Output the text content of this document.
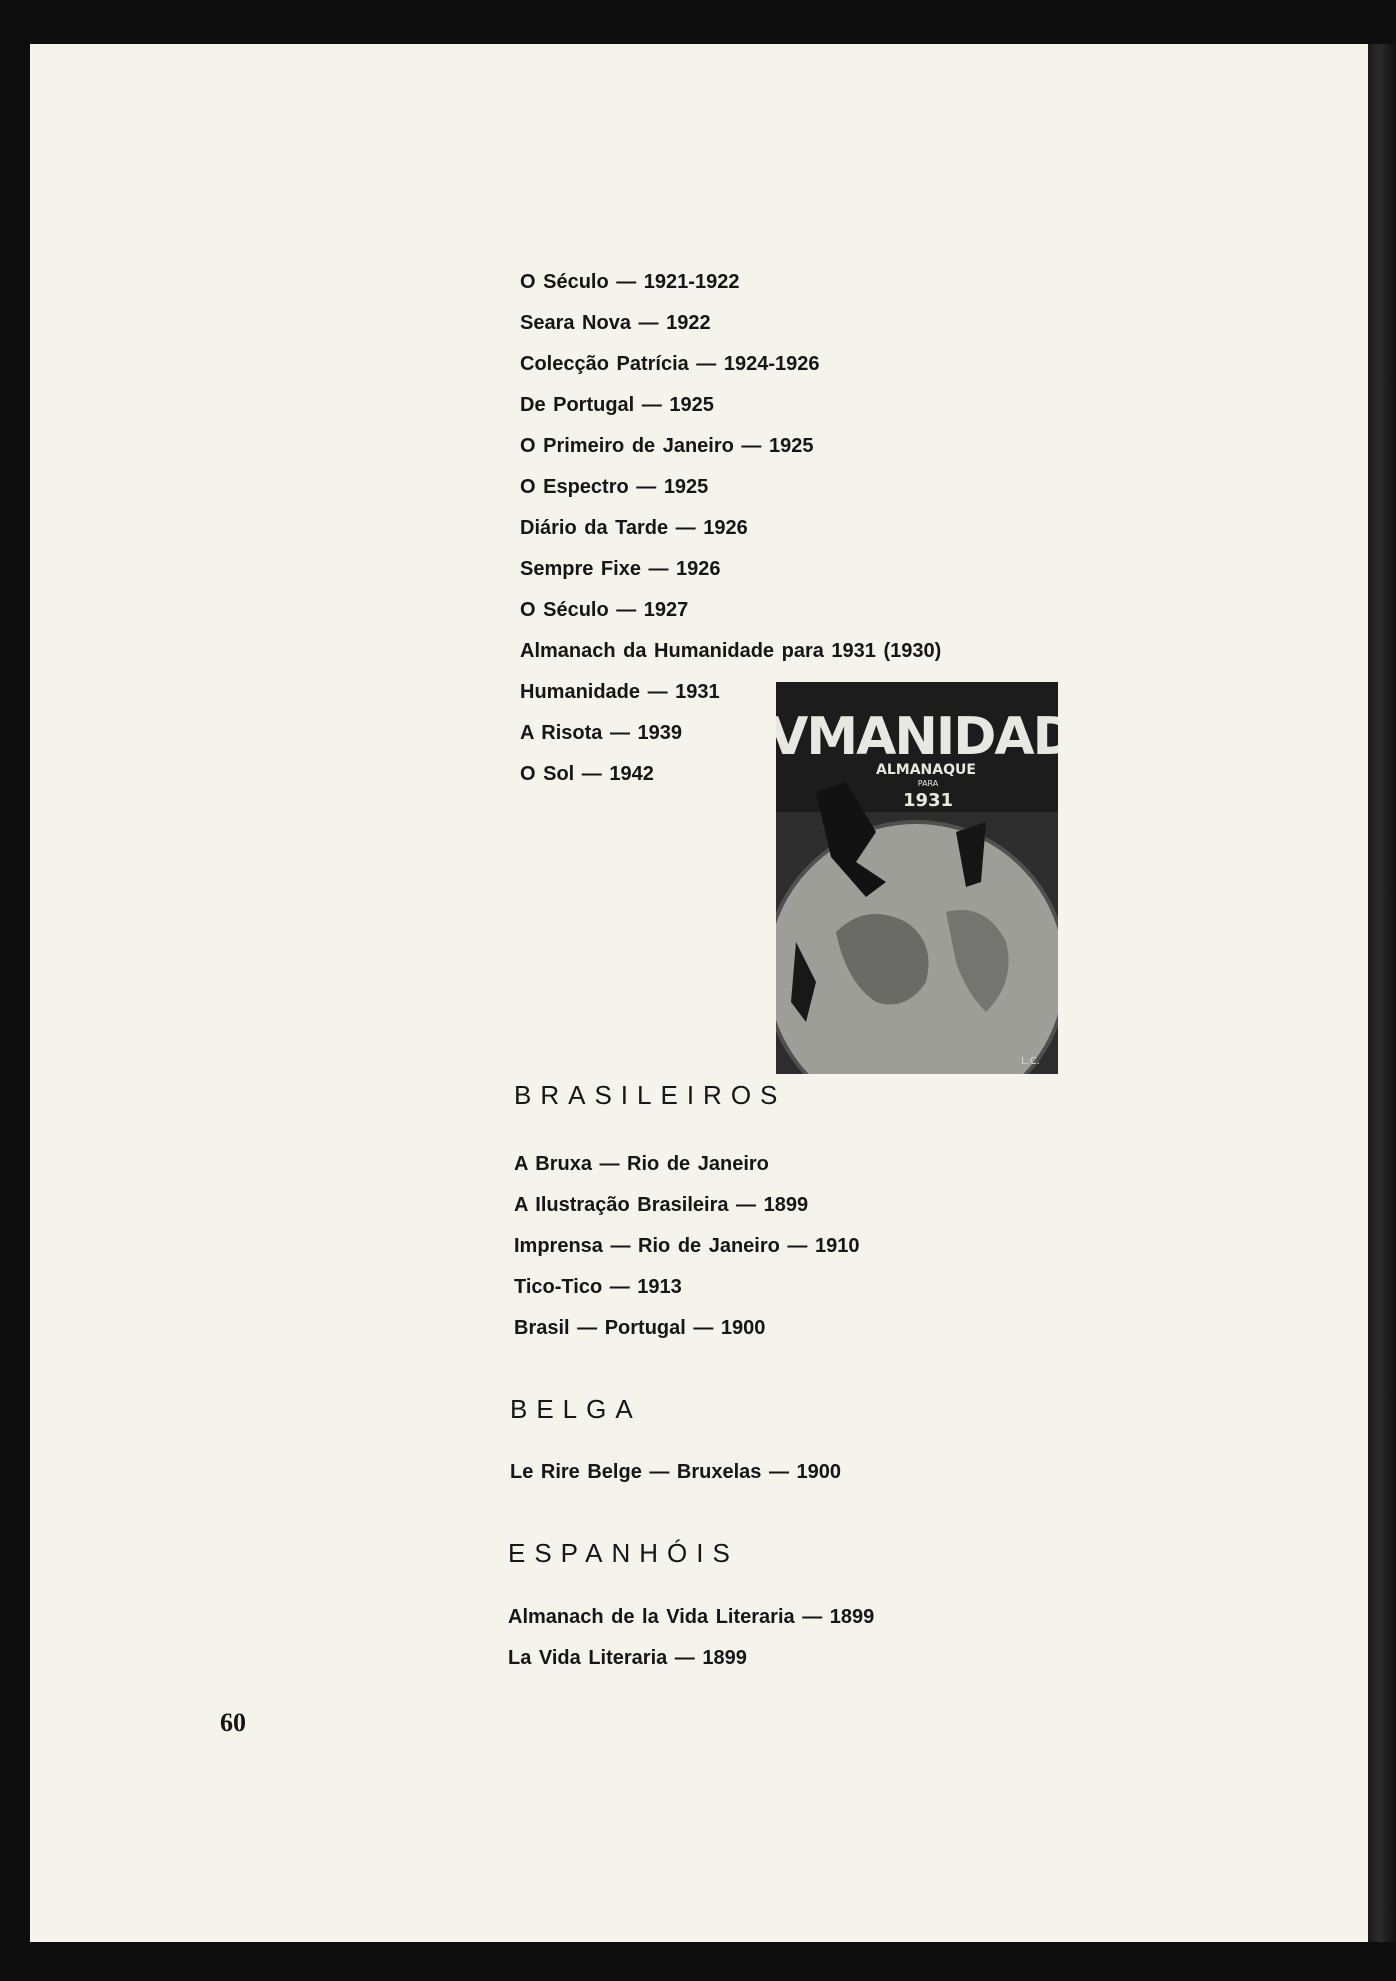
O Século — 1921-1922
Seara Nova — 1922
Colecção Patrícia — 1924-1926
De Portugal — 1925
O Primeiro de Janeiro — 1925
O Espectro — 1925
Diário da Tarde — 1926
Sempre Fixe — 1926
O Século — 1927
Almanach da Humanidade para 1931 (1930)
Humanidade — 1931
A Risota — 1939
O Sol — 1942
VMANIDAD
ALMANAQUE
PARA
1931
L.C.
BRASILEIROS
A Bruxa — Rio de Janeiro
A Ilustração Brasileira — 1899
Imprensa — Rio de Janeiro — 1910
Tico-Tico — 1913
Brasil — Portugal — 1900
BELGA
Le Rire Belge — Bruxelas — 1900
ESPANHÓIS
Almanach de la Vida Literaria — 1899
La Vida Literaria — 1899
60
